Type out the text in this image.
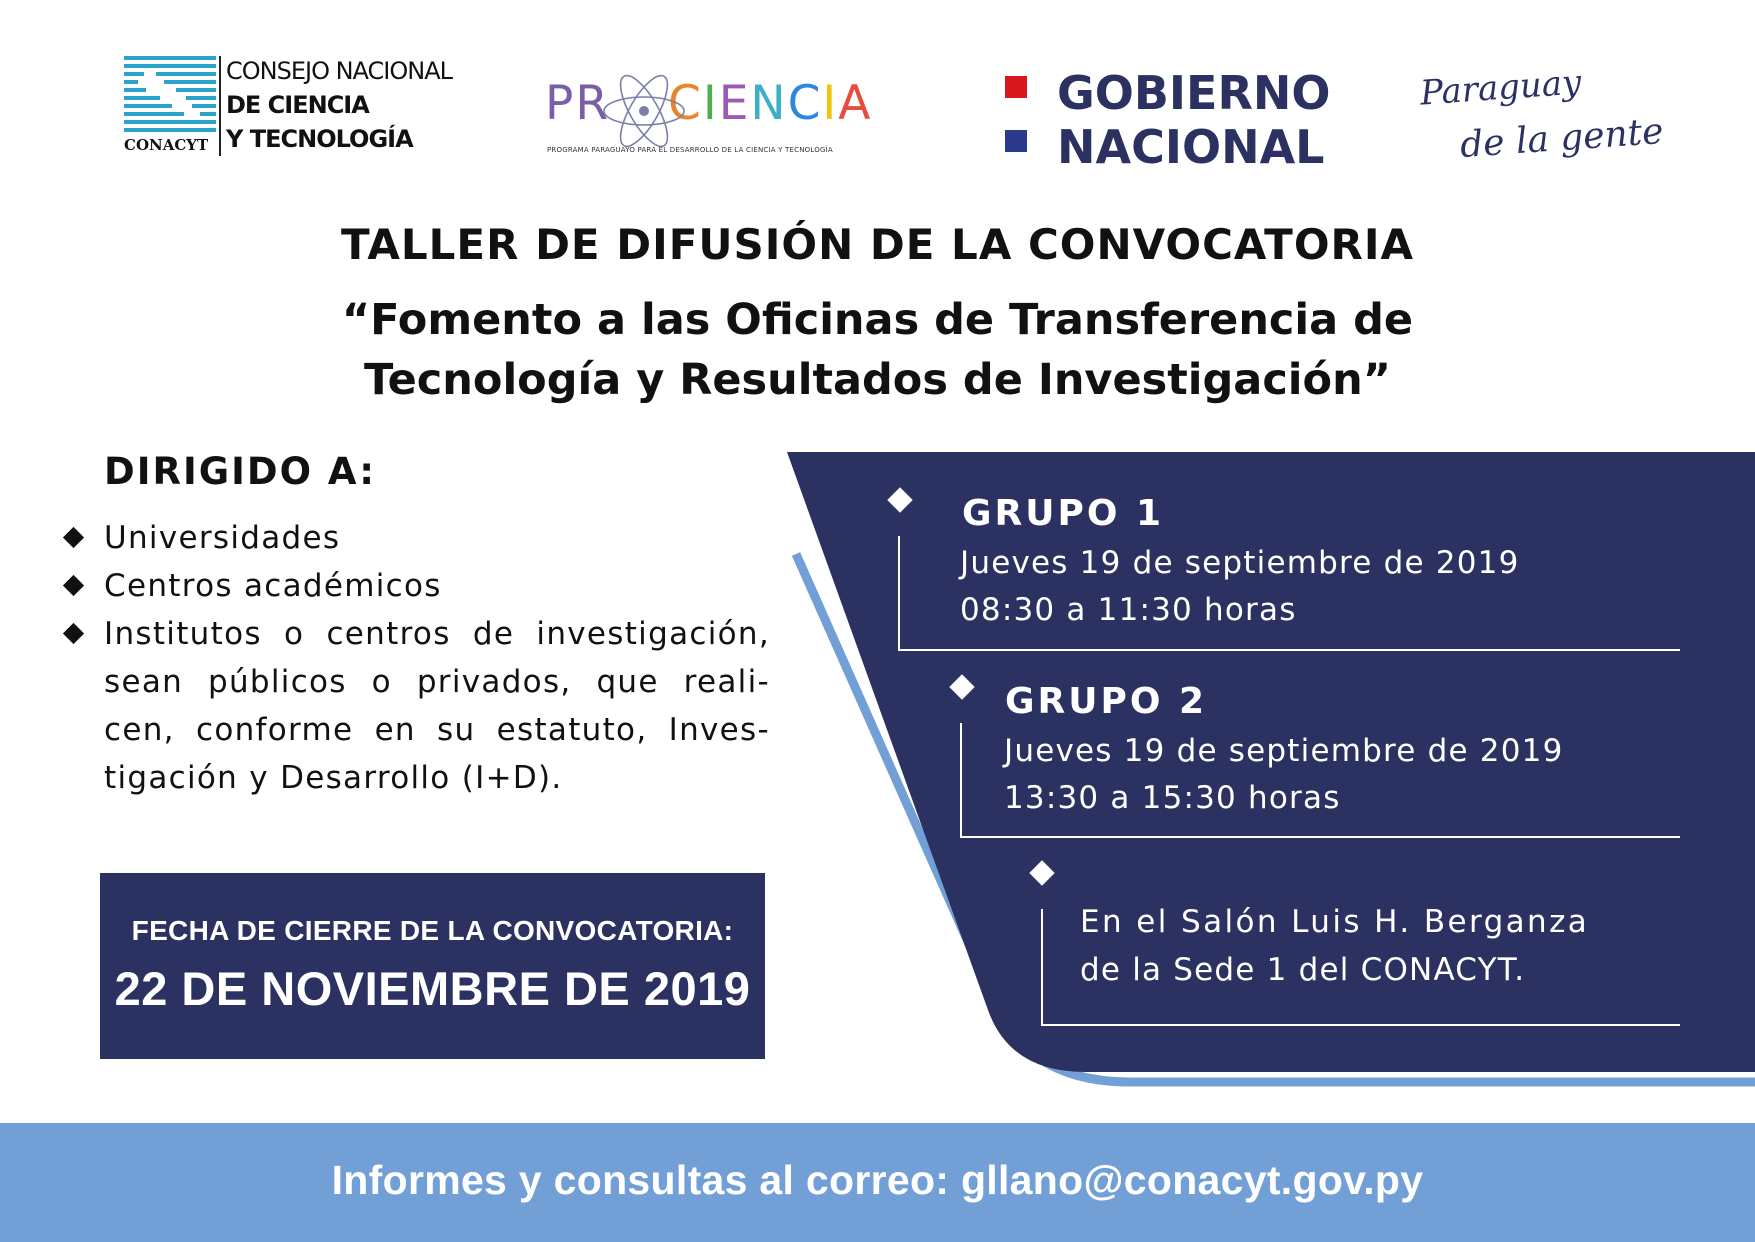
CONACYT
CONSEJO NACIONAL
DE CIENCIA
Y TECNOLOGÍA
PR CIENCIA
PROGRAMA PARAGUAYO PARA EL DESARROLLO DE LA CIENCIA Y TECNOLOGÍA
GOBIERNO
NACIONAL
Paraguay
de la gente
TALLER DE DIFUSIÓN DE LA CONVOCATORIA
“Fomento a las Oficinas de Transferencia de
Tecnología y Resultados de Investigación”
DIRIGIDO A:
Universidades
Centros académicos
Institutos o centros de investigación, sean públicos o privados, que reali-cen, conforme en su estatuto, Inves-tigación y Desarrollo (I+D).
FECHA DE CIERRE DE LA CONVOCATORIA:
22 DE NOVIEMBRE DE 2019
GRUPO 1
Jueves 19 de septiembre de 2019
08:30 a 11:30 horas
GRUPO 2
Jueves 19 de septiembre de 2019
13:30 a 15:30 horas
En el Salón Luis H. Berganza
de la Sede 1 del CONACYT.
Informes y consultas al correo: gllano@conacyt.gov.py
